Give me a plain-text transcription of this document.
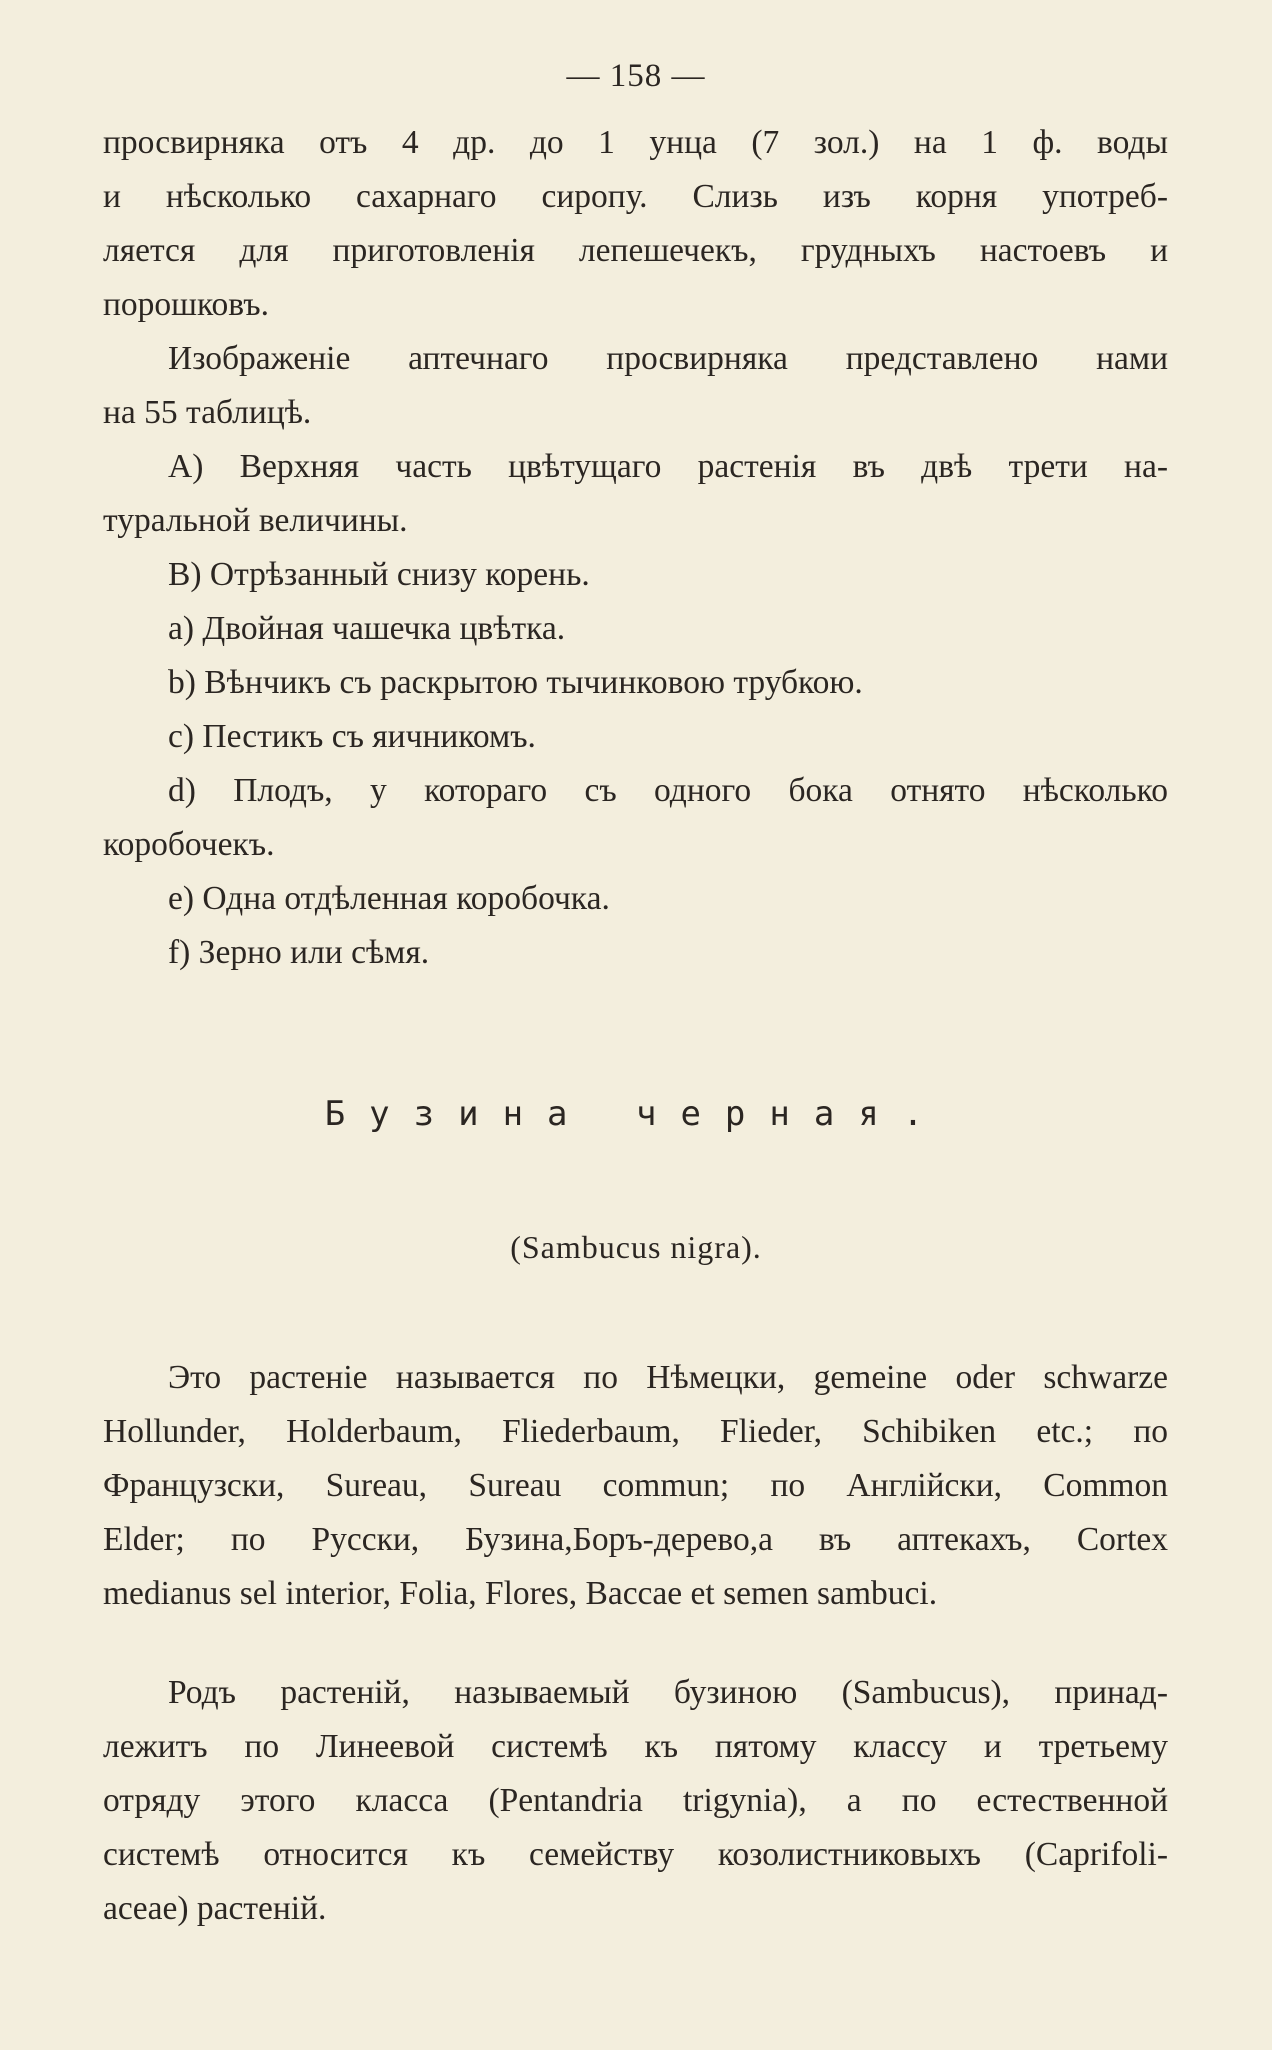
— 158 —

просвирняка отъ 4 др. до 1 унца (7 зол.) на 1 ф. воды

и нѣсколько сахарнаго сиропу. Слизь изъ корня употреб-

ляется для приготовленія лепешечекъ, грудныхъ настоевъ и

порошковъ.

Изображеніе аптечнаго просвирняка представлено нами

на 55 таблицѣ.

А) Верхняя часть цвѣтущаго растенія въ двѣ трети на-

туральной величины.

В) Отрѣзанный снизу корень.

а) Двойная чашечка цвѣтка.

b) Вѣнчикъ съ раскрытою тычинковою трубкою.

с) Пестикъ съ яичникомъ.

d) Плодъ, у котораго съ одного бока отнято нѣсколько

коробочекъ.

е) Одна отдѣленная коробочка.

f) Зерно или сѣмя.

Бузина черная.
(Sambucus nigra).

Это растеніе называется по Нѣмецки, gemeine oder schwarze

Hollunder, Holderbaum, Fliederbaum, Flieder, Schibiken etc.; по

Французски, Sureau, Sureau commun; по Англійски, Common

Elder; по Русски, Бузина,Боръ-дерево,а въ аптекахъ, Cortex

medianus sel interior, Folia, Flores, Baccae et semen sambuci.

Родъ растеній, называемый бузиною (Sambucus), принад-

лежитъ по Линеевой системѣ къ пятому классу и третьему

отряду этого класса (Pentandria trigynia), а по естественной

системѣ относится къ семейству козолистниковыхъ (Caprifoli-

aceae) растеній.
